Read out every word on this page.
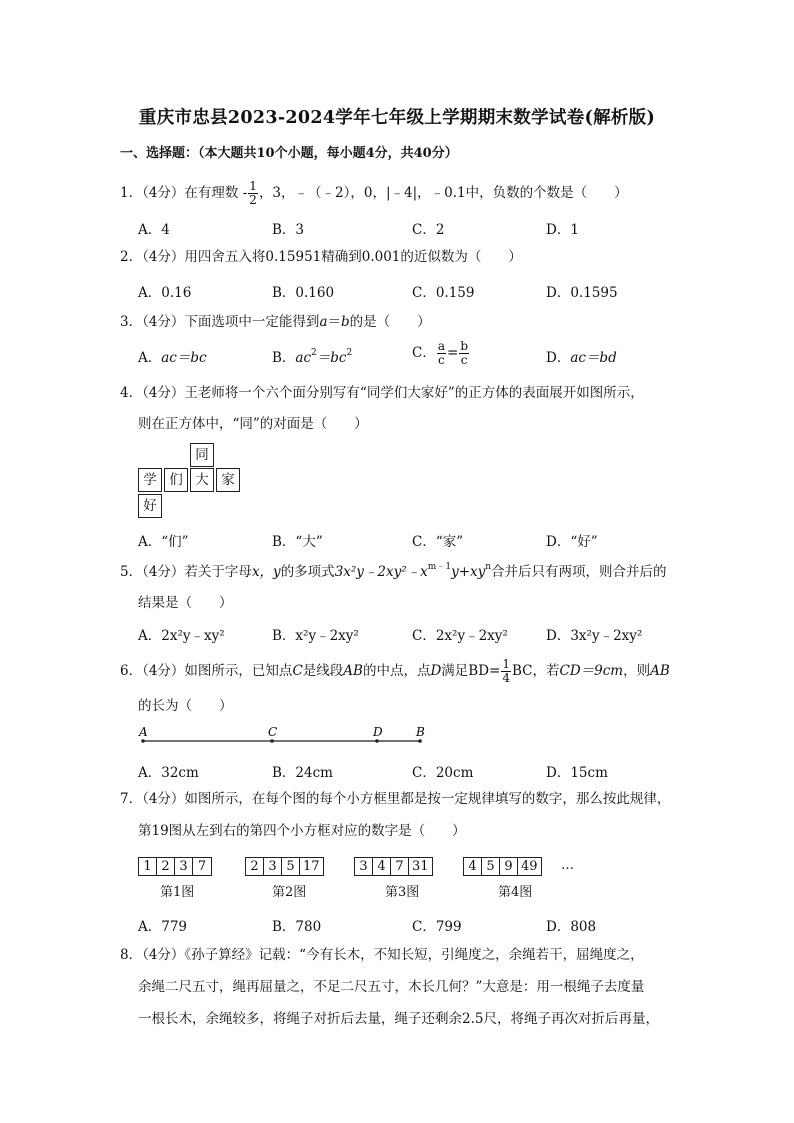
重庆市忠县2023-2024学年七年级上学期期末数学试卷(解析版)
一、选择题：（本大题共10个小题，每小题4分，共40分）
1．（4分）在有理数 - $\frac{1}{2}$ ，3，﹣（﹣2），0，|﹣4|，﹣0.1中，负数的个数是（　　）
A．4	B．3	C．2	D．1
2．（4分）用四舍五入将0.15951精确到0.001的近似数为（　　）
A．0.16	B．0.160	C．0.159	D．0.1595
3．（4分）下面选项中一定能得到a＝b的是（　　）
A．ac＝bc	B．$ac^2=bc^2$	C． $\frac{a}{c} = \frac{b}{c}$	D．ac＝bd
4．（4分）王老师将一个六个面分别写有“同学们大家好”的正方体的表面展开如图所示，
则在正方体中，“同”的对面是（　　）
同
学 们 大 家
好
A．“们”	B．“大”	C．“家”	D．“好”
5．（4分）若关于字母x，y的多项式$3x^2y﹣2xy^2﹣x^{m﹣1}y+xy^n$合并后只有两项，则合并后的
结果是（　　）
A．2x²y﹣xy²	B．x²y﹣2xy²	C．2x²y﹣2xy²	D．3x²y﹣2xy²
6．（4分）如图所示，已知点C是线段AB的中点，点D满足$BD= \frac{1}{4}$ BC，若CD＝9cm，则AB
的长为（　　）
A	C	D	B
A．32cm	B．24cm	C．20cm	D．15cm
7．（4分）如图所示，在每个图的每个小方框里都是按一定规律填写的数字，那么按此规律，
第19图从左到右的第四个小方框对应的数字是（　　）
1 2 3 7
第1图
2 3 5 17
第2图
3 4 7 31
第3图
4 5 9 49
第4图
…
A．779	B．780	C．799	D．808
8．（4分）《孙子算经》记载：“今有长木，不知长短，引绳度之，余绳若干，屈绳度之，
余绳二尺五寸，绳再屈量之，不足二尺五寸，木长几何？”大意是：用一根绳子去度量
一根长木，余绳较多，将绳子对折后去量，绳子还剩余2.5尺，将绳子再次对折后再量，
